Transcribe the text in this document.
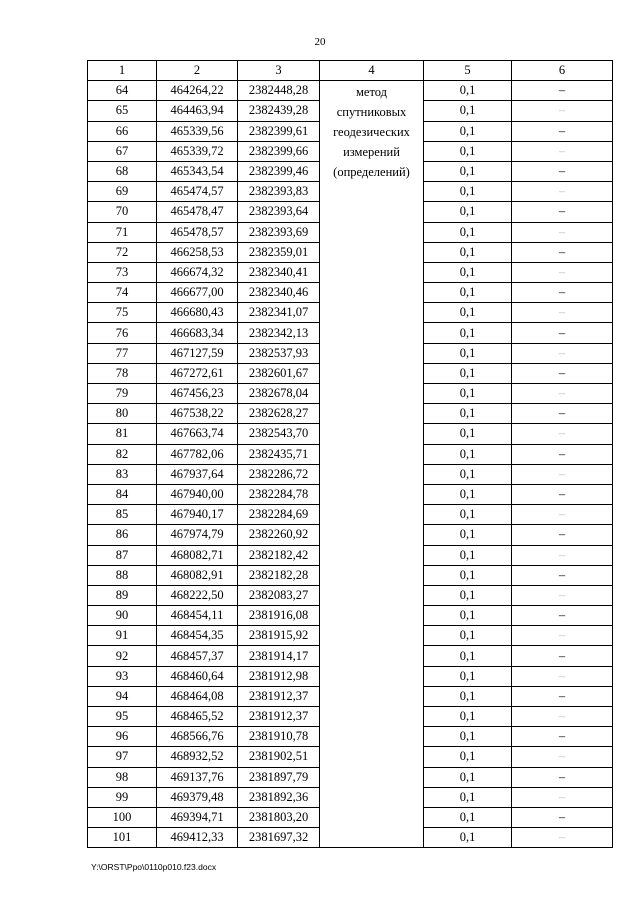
20
1	2	3	4	5	6
64	464264,22	2382448,28	метод
спутниковых
геодезических
измерений
(определений)	0,1	–
65	464463,94	2382439,28		0,1	–
66	465339,56	2382399,61		0,1	–
67	465339,72	2382399,66		0,1	–
68	465343,54	2382399,46		0,1	–
69	465474,57	2382393,83		0,1	–
70	465478,47	2382393,64		0,1	–
71	465478,57	2382393,69		0,1	–
72	466258,53	2382359,01		0,1	–
73	466674,32	2382340,41		0,1	–
74	466677,00	2382340,46		0,1	–
75	466680,43	2382341,07		0,1	–
76	466683,34	2382342,13		0,1	–
77	467127,59	2382537,93		0,1	–
78	467272,61	2382601,67		0,1	–
79	467456,23	2382678,04		0,1	–
80	467538,22	2382628,27		0,1	–
81	467663,74	2382543,70		0,1	–
82	467782,06	2382435,71		0,1	–
83	467937,64	2382286,72		0,1	–
84	467940,00	2382284,78		0,1	–
85	467940,17	2382284,69		0,1	–
86	467974,79	2382260,92		0,1	–
87	468082,71	2382182,42		0,1	–
88	468082,91	2382182,28		0,1	–
89	468222,50	2382083,27		0,1	–
90	468454,11	2381916,08		0,1	–
91	468454,35	2381915,92		0,1	–
92	468457,37	2381914,17		0,1	–
93	468460,64	2381912,98		0,1	–
94	468464,08	2381912,37		0,1	–
95	468465,52	2381912,37		0,1	–
96	468566,76	2381910,78		0,1	–
97	468932,52	2381902,51		0,1	–
98	469137,76	2381897,79		0,1	–
99	469379,48	2381892,36		0,1	–
100	469394,71	2381803,20		0,1	–
101	469412,33	2381697,32		0,1	–
Y:\ORST\Ppo\0110p010.f23.docx
